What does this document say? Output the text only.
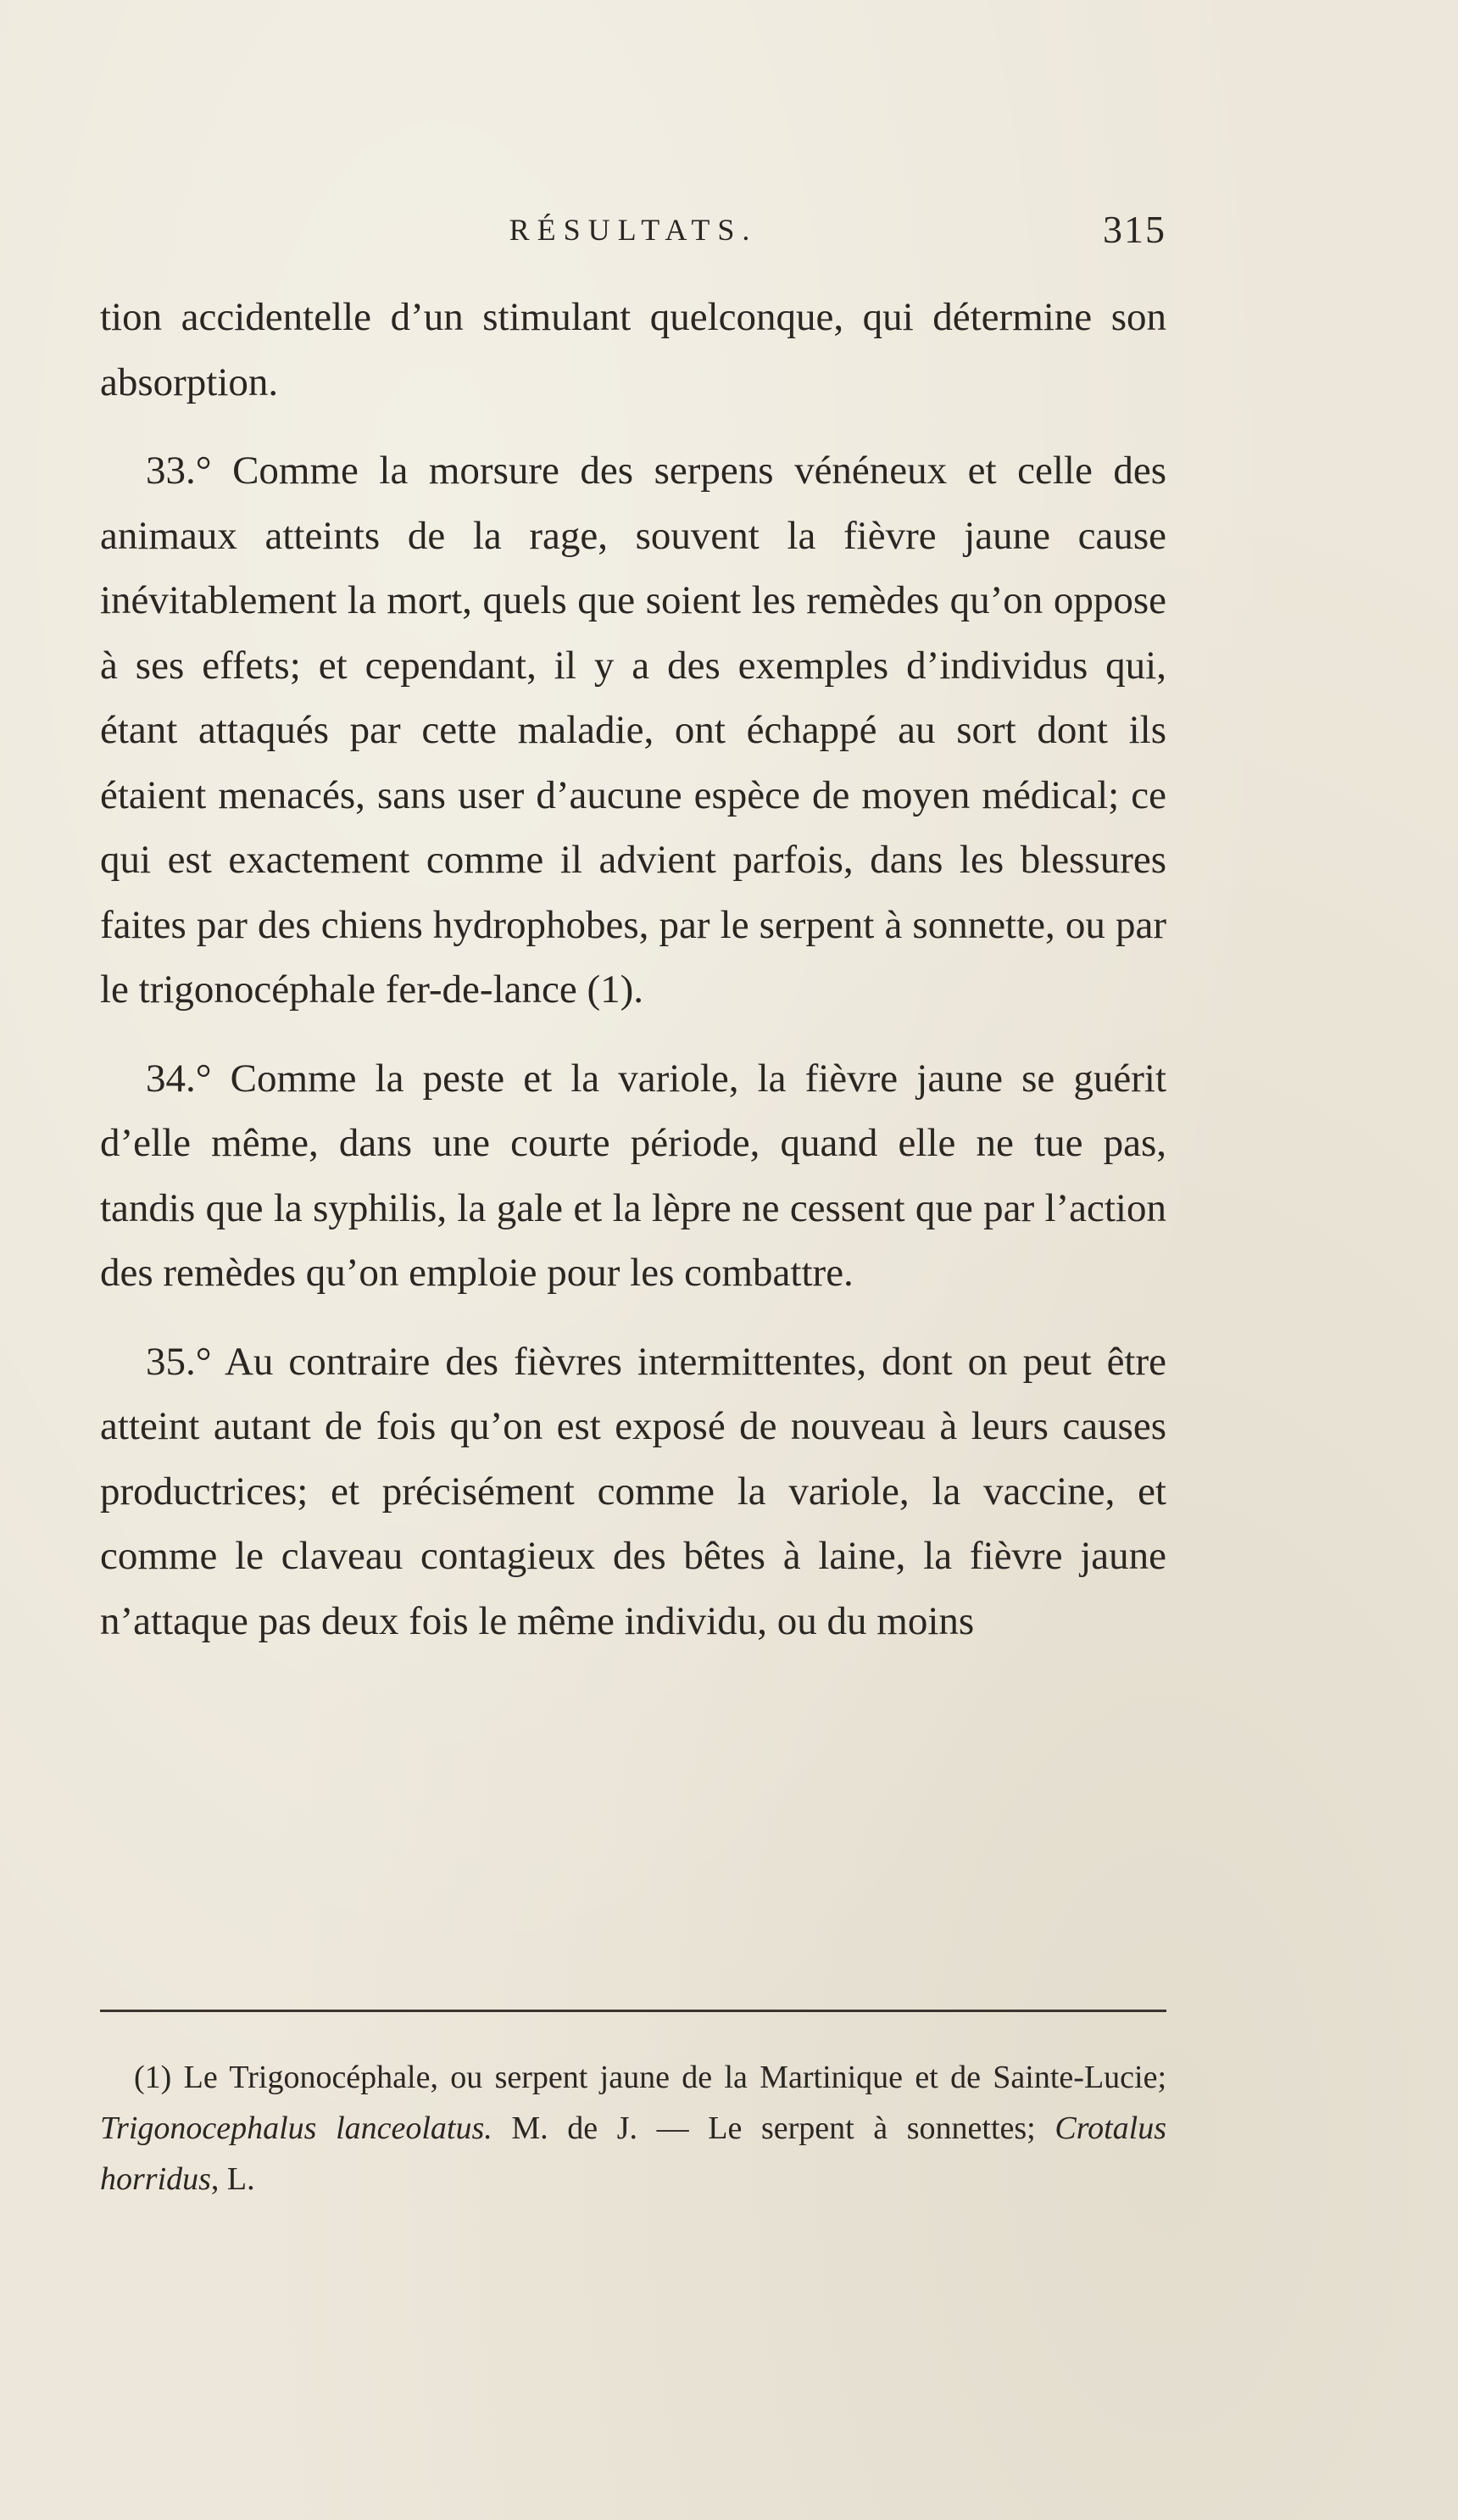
RÉSULTATS.	315

tion accidentelle d’un stimulant quelconque, qui détermine son absorption.

33.° Comme la morsure des serpens vénéneux et celle des animaux atteints de la rage, souvent la fièvre jaune cause inévitablement la mort, quels que soient les remèdes qu’on oppose à ses effets; et cependant, il y a des exemples d’individus qui, étant attaqués par cette maladie, ont échappé au sort dont ils étaient menacés, sans user d’aucune espèce de moyen médical; ce qui est exactement comme il advient parfois, dans les blessures faites par des chiens hydrophobes, par le serpent à sonnette, ou par le trigonocéphale fer-de-lance (1).

34.° Comme la peste et la variole, la fièvre jaune se guérit d’elle même, dans une courte période, quand elle ne tue pas, tandis que la syphilis, la gale et la lèpre ne cessent que par l’action des remèdes qu’on emploie pour les combattre.

35.° Au contraire des fièvres intermittentes, dont on peut être atteint autant de fois qu’on est exposé de nouveau à leurs causes productrices; et précisément comme la variole, la vaccine, et comme le claveau contagieux des bêtes à laine, la fièvre jaune n’attaque pas deux fois le même individu, ou du moins

(1) Le Trigonocéphale, ou serpent jaune de la Martinique et de Sainte-Lucie; Trigonocephalus lanceolatus. M. de J. — Le serpent à sonnettes; Crotalus horridus, L.
